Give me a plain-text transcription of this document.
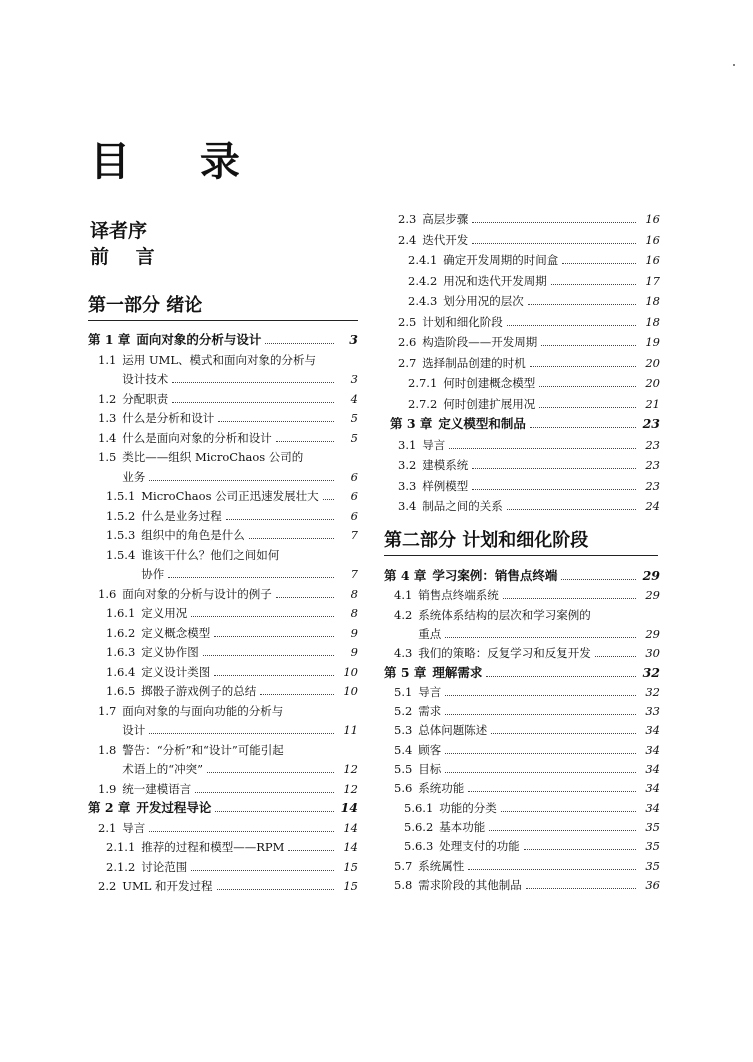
目 录
译者序
前 言
第一部分 绪论
第 1 章 面向对象的分析与设计	3
1.1 运用 UML、模式和面向对象的分析与
设计技术	3
1.2 分配职责	4
1.3 什么是分析和设计	5
1.4 什么是面向对象的分析和设计	5
1.5 类比——组织 MicroChaos 公司的
业务	6
1.5.1 MicroChaos 公司正迅速发展壮大	6
1.5.2 什么是业务过程	6
1.5.3 组织中的角色是什么	7
1.5.4 谁该干什么？他们之间如何
协作	7
1.6 面向对象的分析与设计的例子	8
1.6.1 定义用况	8
1.6.2 定义概念模型	9
1.6.3 定义协作图	9
1.6.4 定义设计类图	10
1.6.5 掷骰子游戏例子的总结	10
1.7 面向对象的与面向功能的分析与
设计	11
1.8 警告：“分析”和“设计”可能引起
术语上的“冲突”	12
1.9 统一建模语言	12
第 2 章 开发过程导论	14
2.1 导言	14
2.1.1 推荐的过程和模型——RPM	14
2.1.2 讨论范围	15
2.2 UML 和开发过程	15
2.3 高层步骤	16
2.4 迭代开发	16
2.4.1 确定开发周期的时间盒	16
2.4.2 用况和迭代开发周期	17
2.4.3 划分用况的层次	18
2.5 计划和细化阶段	18
2.6 构造阶段——开发周期	19
2.7 选择制品创建的时机	20
2.7.1 何时创建概念模型	20
2.7.2 何时创建扩展用况	21
第 3 章 定义模型和制品	23
3.1 导言	23
3.2 建模系统	23
3.3 样例模型	23
3.4 制品之间的关系	24
第二部分 计划和细化阶段
第 4 章 学习案例：销售点终端	29
4.1 销售点终端系统	29
4.2 系统体系结构的层次和学习案例的
重点	29
4.3 我们的策略：反复学习和反复开发	30
第 5 章 理解需求	32
5.1 导言	32
5.2 需求	33
5.3 总体问题陈述	34
5.4 顾客	34
5.5 目标	34
5.6 系统功能	34
5.6.1 功能的分类	34
5.6.2 基本功能	35
5.6.3 处理支付的功能	35
5.7 系统属性	35
5.8 需求阶段的其他制品	36
